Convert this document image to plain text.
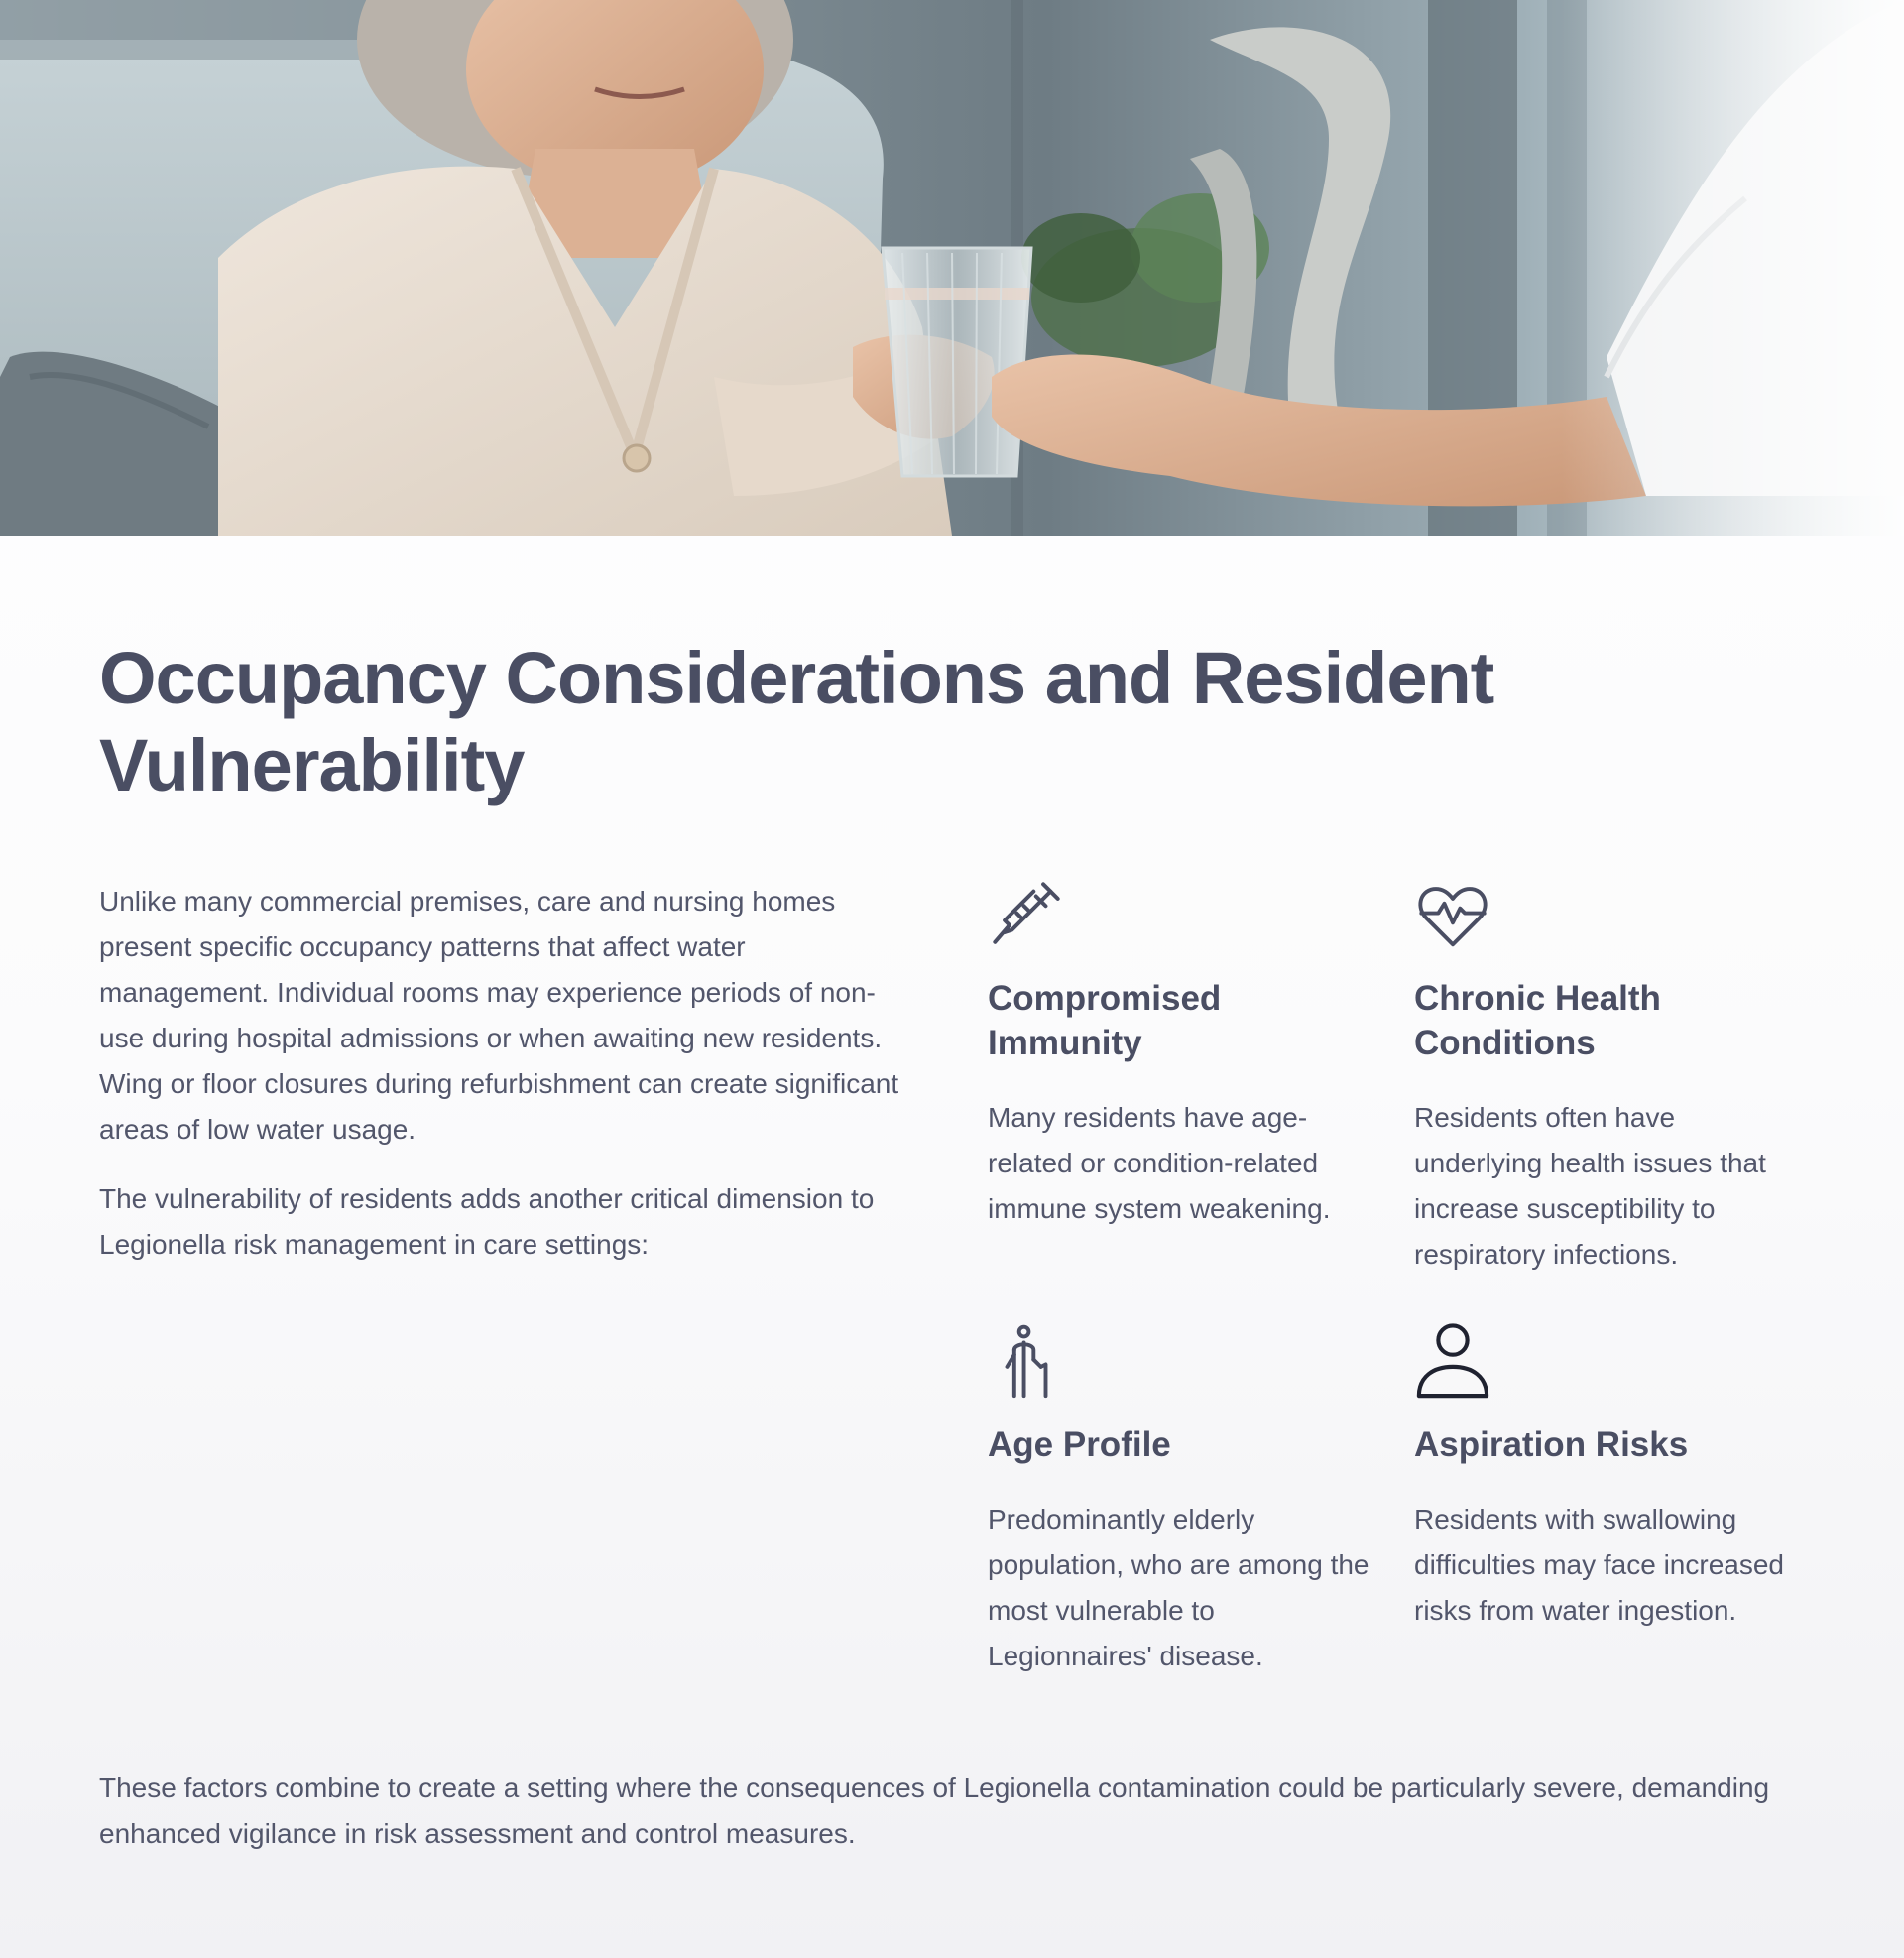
Occupancy Considerations and Resident Vulnerability

Unlike many commercial premises, care and nursing homes present specific occupancy patterns that affect water management. Individual rooms may experience periods of non-use during hospital admissions or when awaiting new residents. Wing or floor closures during refurbishment can create significant areas of low water usage.

The vulnerability of residents adds another critical dimension to Legionella risk management in care settings:

Compromised Immunity

Many residents have age-related or condition-related immune system weakening.

Chronic Health Conditions

Residents often have underlying health issues that increase susceptibility to respiratory infections.

Age Profile

Predominantly elderly population, who are among the most vulnerable to Legionnaires' disease.

Aspiration Risks

Residents with swallowing difficulties may face increased risks from water ingestion.

These factors combine to create a setting where the consequences of Legionella contamination could be particularly severe, demanding enhanced vigilance in risk assessment and control measures.
